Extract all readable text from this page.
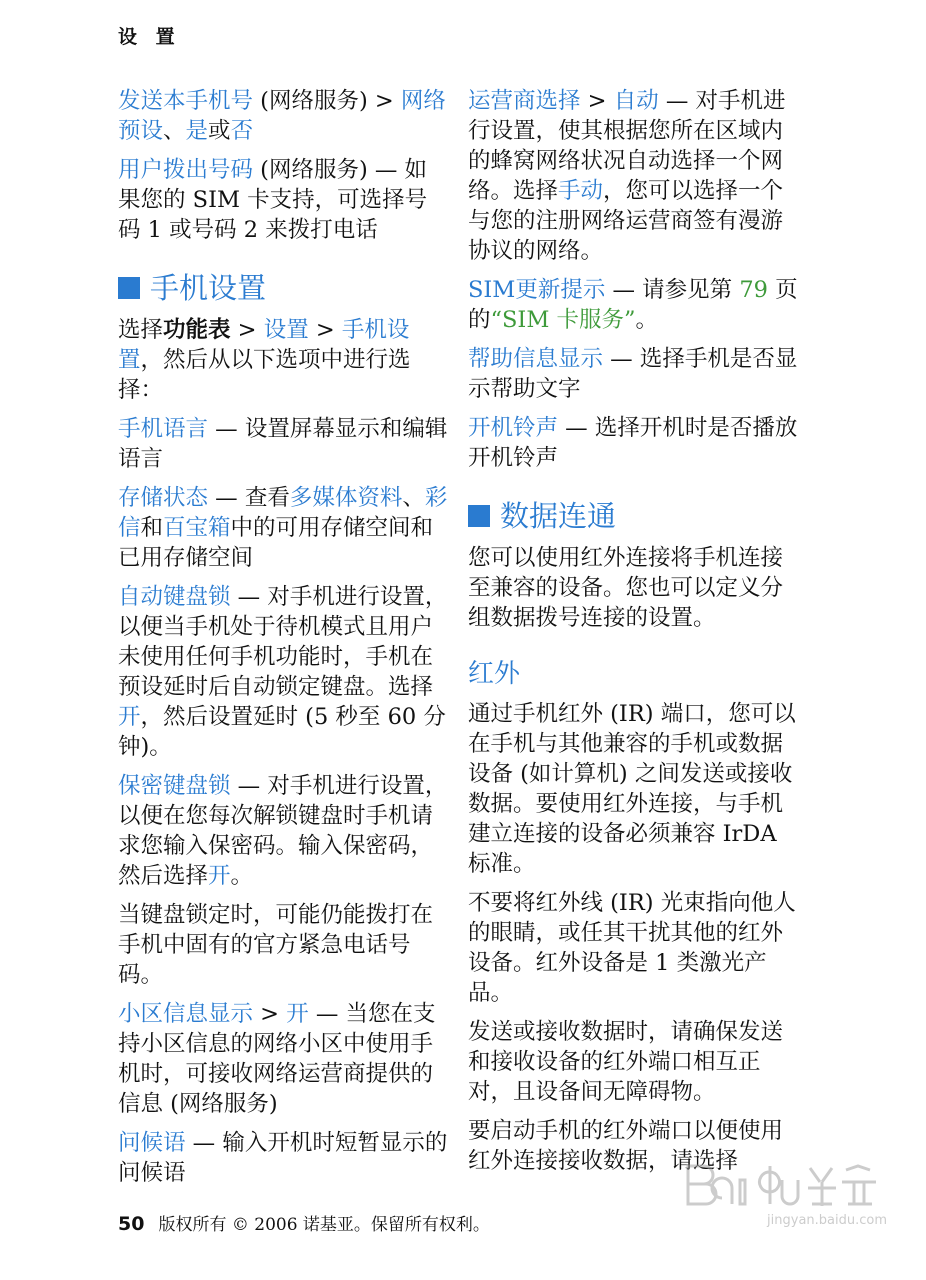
设 置

发送本手机号 (网络服务) > 网络预设、是或否

用户拨出号码 (网络服务) — 如果您的 SIM 卡支持，可选择号码 1 或号码 2 来拨打电话

手机设置

选择功能表 > 设置 > 手机设置，然后从以下选项中进行选择：

手机语言 — 设置屏幕显示和编辑语言

存储状态 — 查看多媒体资料、彩信和百宝箱中的可用存储空间和已用存储空间

自动键盘锁 — 对手机进行设置，以便当手机处于待机模式且用户未使用任何手机功能时，手机在预设延时后自动锁定键盘。选择开，然后设置延时 (5 秒至 60 分钟)。

保密键盘锁 — 对手机进行设置，以便在您每次解锁键盘时手机请求您输入保密码。输入保密码，然后选择开。

当键盘锁定时，可能仍能拨打在手机中固有的官方紧急电话号码。

小区信息显示 > 开 — 当您在支持小区信息的网络小区中使用手机时，可接收网络运营商提供的信息 (网络服务)

问候语 — 输入开机时短暂显示的问候语

运营商选择 > 自动 — 对手机进行设置，使其根据您所在区域内的蜂窝网络状况自动选择一个网络。选择手动，您可以选择一个与您的注册网络运营商签有漫游协议的网络。

SIM更新提示 — 请参见第 79 页的“SIM 卡服务”。

帮助信息显示 — 选择手机是否显示帮助文字

开机铃声 — 选择开机时是否播放开机铃声

数据连通

您可以使用红外连接将手机连接至兼容的设备。您也可以定义分组数据拨号连接的设置。

红外

通过手机红外 (IR) 端口，您可以在手机与其他兼容的手机或数据设备 (如计算机) 之间发送或接收数据。要使用红外连接，与手机建立连接的设备必须兼容 IrDA 标准。

不要将红外线 (IR) 光束指向他人的眼睛，或任其干扰其他的红外设备。红外设备是 1 类激光产品。

发送或接收数据时，请确保发送和接收设备的红外端口相互正对，且设备间无障碍物。

要启动手机的红外端口以便使用红外连接接收数据，请选择

50 版权所有 © 2006 诺基亚。保留所有权利。	jingyan.baidu.com
